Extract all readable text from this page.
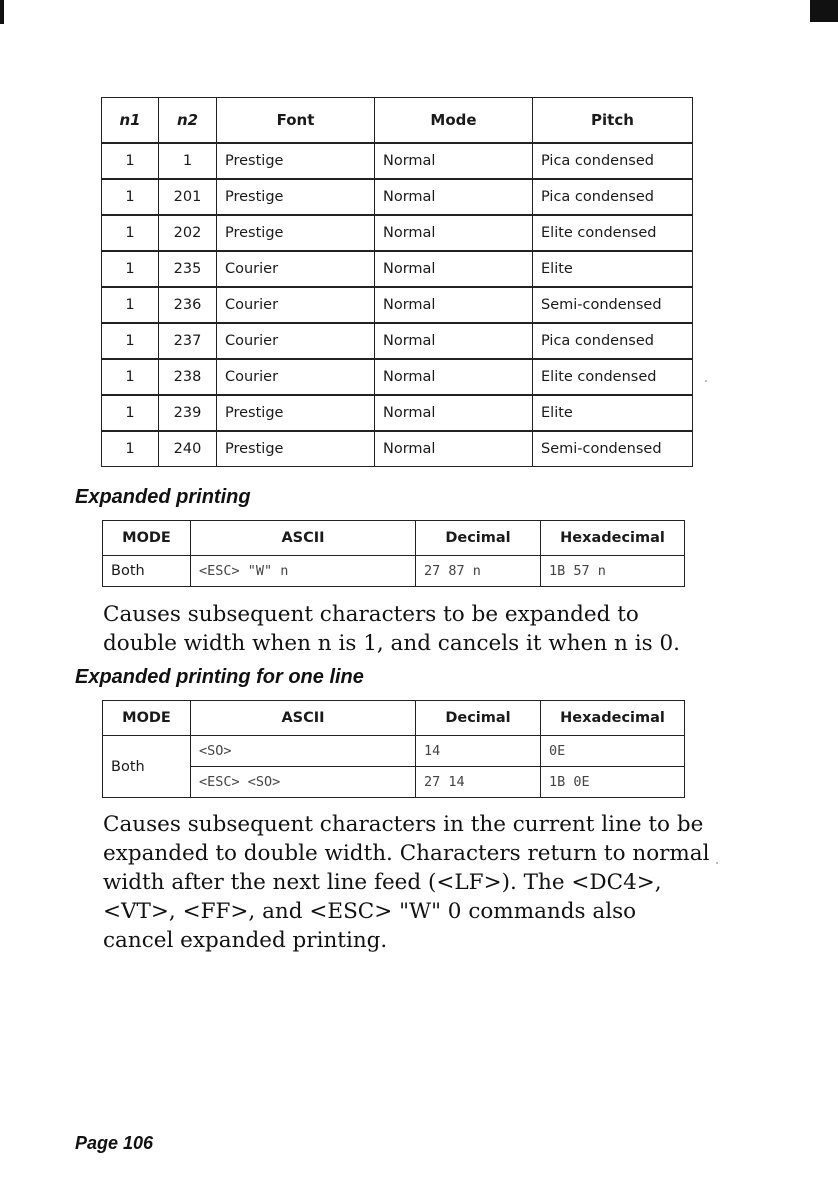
n1	n2	Font	Mode	Pitch
1	1	Prestige	Normal	Pica condensed
1	201	Prestige	Normal	Pica condensed
1	202	Prestige	Normal	Elite condensed
1	235	Courier	Normal	Elite
1	236	Courier	Normal	Semi-condensed
1	237	Courier	Normal	Pica condensed
1	238	Courier	Normal	Elite condensed
1	239	Prestige	Normal	Elite
1	240	Prestige	Normal	Semi-condensed
Expanded printing
MODE	ASCII	Decimal	Hexadecimal
Both	<ESC> "W" n	27 87 n	1B 57 n

Causes subsequent characters to be expanded to double width when n is 1, and cancels it when n is 0.

Expanded printing for one line
MODE	ASCII	Decimal	Hexadecimal
Both	<SO>	14	0E
	<ESC> <SO>	27 14	1B 0E

Causes subsequent characters in the current line to be expanded to double width. Characters return to normal width after the next line feed (<LF>). The <DC4>, <VT>, <FF>, and <ESC> "W" 0 commands also cancel expanded printing.

Page 106
